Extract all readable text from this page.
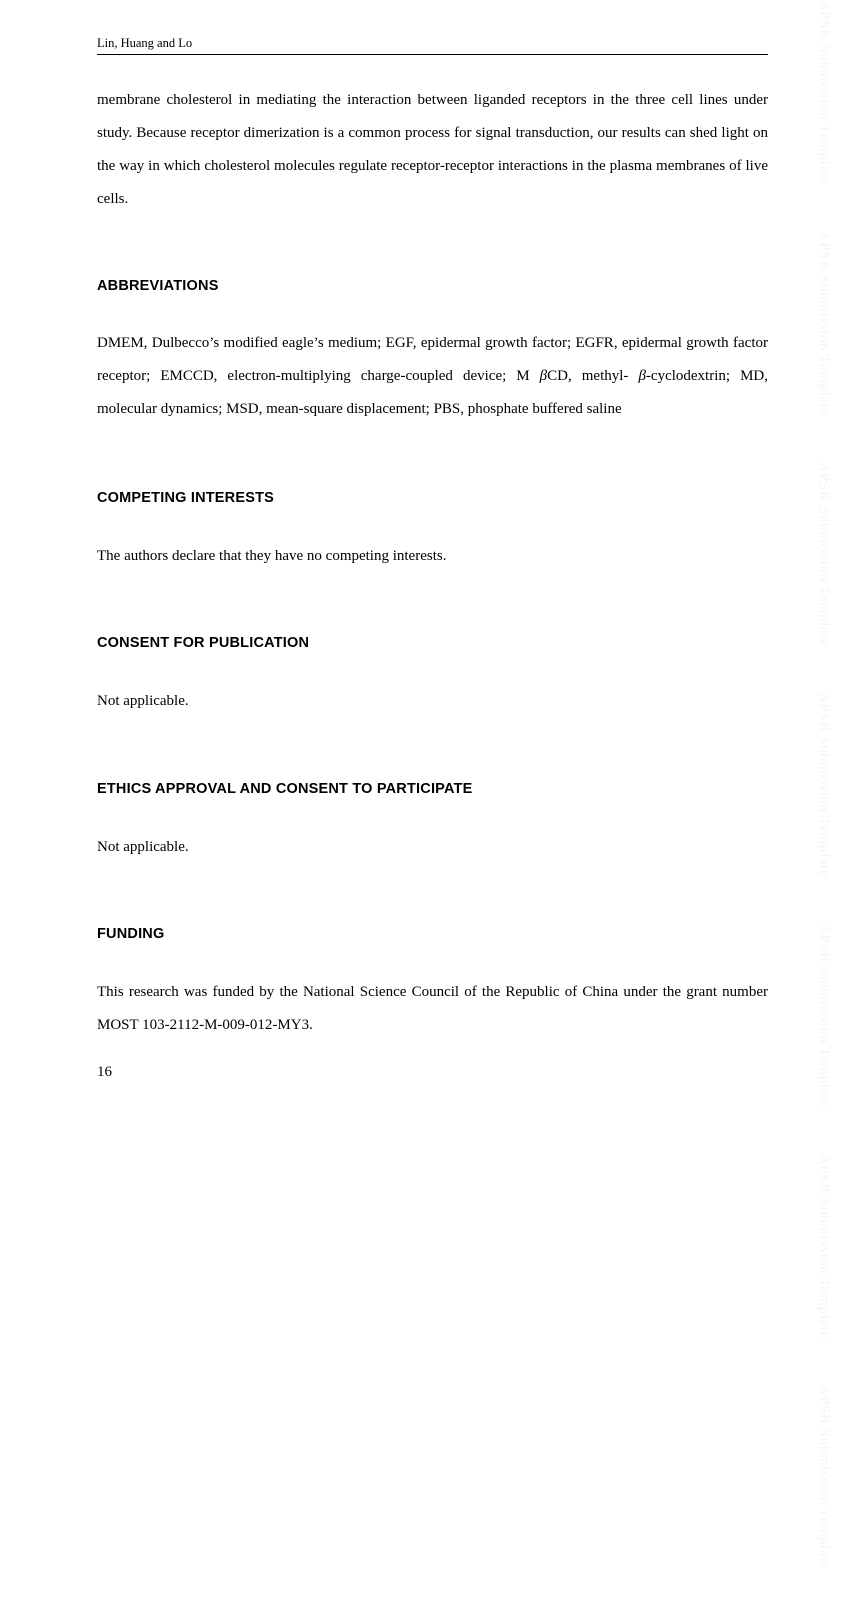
Lin, Huang and Lo

membrane cholesterol in mediating the interaction between liganded receptors in the three cell lines under study. Because receptor dimerization is a common process for signal transduction, our results can shed light on the way in which cholesterol molecules regulate receptor-receptor interactions in the plasma membranes of live cells.

ABBREVIATIONS

DMEM, Dulbecco’s modified eagle’s medium; EGF, epidermal growth factor; EGFR, epidermal growth factor receptor; EMCCD, electron-multiplying charge-coupled device; M βCD, methyl- β-cyclodextrin; MD, molecular dynamics; MSD, mean-square displacement; PBS, phosphate buffered saline

COMPETING INTERESTS

The authors declare that they have no competing interests.

CONSENT FOR PUBLICATION

Not applicable.

ETHICS APPROVAL AND CONSENT TO PARTICIPATE

Not applicable.

FUNDING

This research was funded by the National Science Council of the Republic of China under the grant number MOST 103-2112-M-009-012-MY3.

16
APSR Submission Template
APSR Submission Template
APSR Submission Template
APSR Submission Template
APSR Submission Template
APSR Submission Template
APSR Submission Template
